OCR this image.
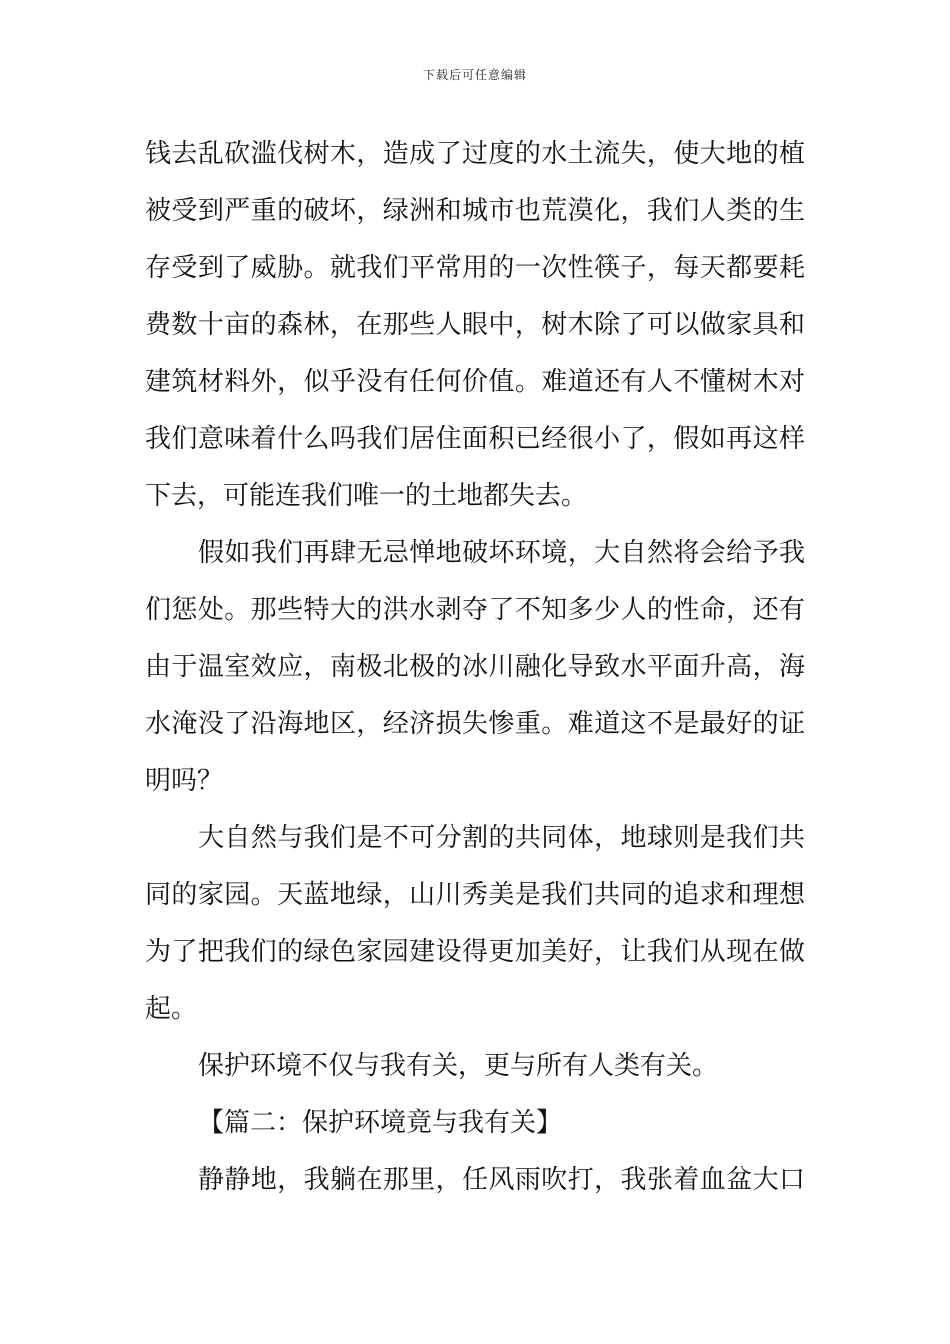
下载后可任意编辑
钱去乱砍滥伐树木，造成了过度的水土流失，使大地的植
被受到严重的破坏，绿洲和城市也荒漠化，我们人类的生
存受到了威胁。就我们平常用的一次性筷子，每天都要耗
费数十亩的森林，在那些人眼中，树木除了可以做家具和
建筑材料外，似乎没有任何价值。难道还有人不懂树木对
我们意味着什么吗我们居住面积已经很小了，假如再这样
下去，可能连我们唯一的土地都失去。
假如我们再肆无忌惮地破坏环境，大自然将会给予我
们惩处。那些特大的洪水剥夺了不知多少人的性命，还有
由于温室效应，南极北极的冰川融化导致水平面升高，海
水淹没了沿海地区，经济损失惨重。难道这不是最好的证
明吗？
大自然与我们是不可分割的共同体，地球则是我们共
同的家园。天蓝地绿，山川秀美是我们共同的追求和理想
为了把我们的绿色家园建设得更加美好，让我们从现在做
起。
保护环境不仅与我有关，更与所有人类有关。
【篇二：保护环境竟与我有关】
静静地，我躺在那里，任风雨吹打，我张着血盆大口
